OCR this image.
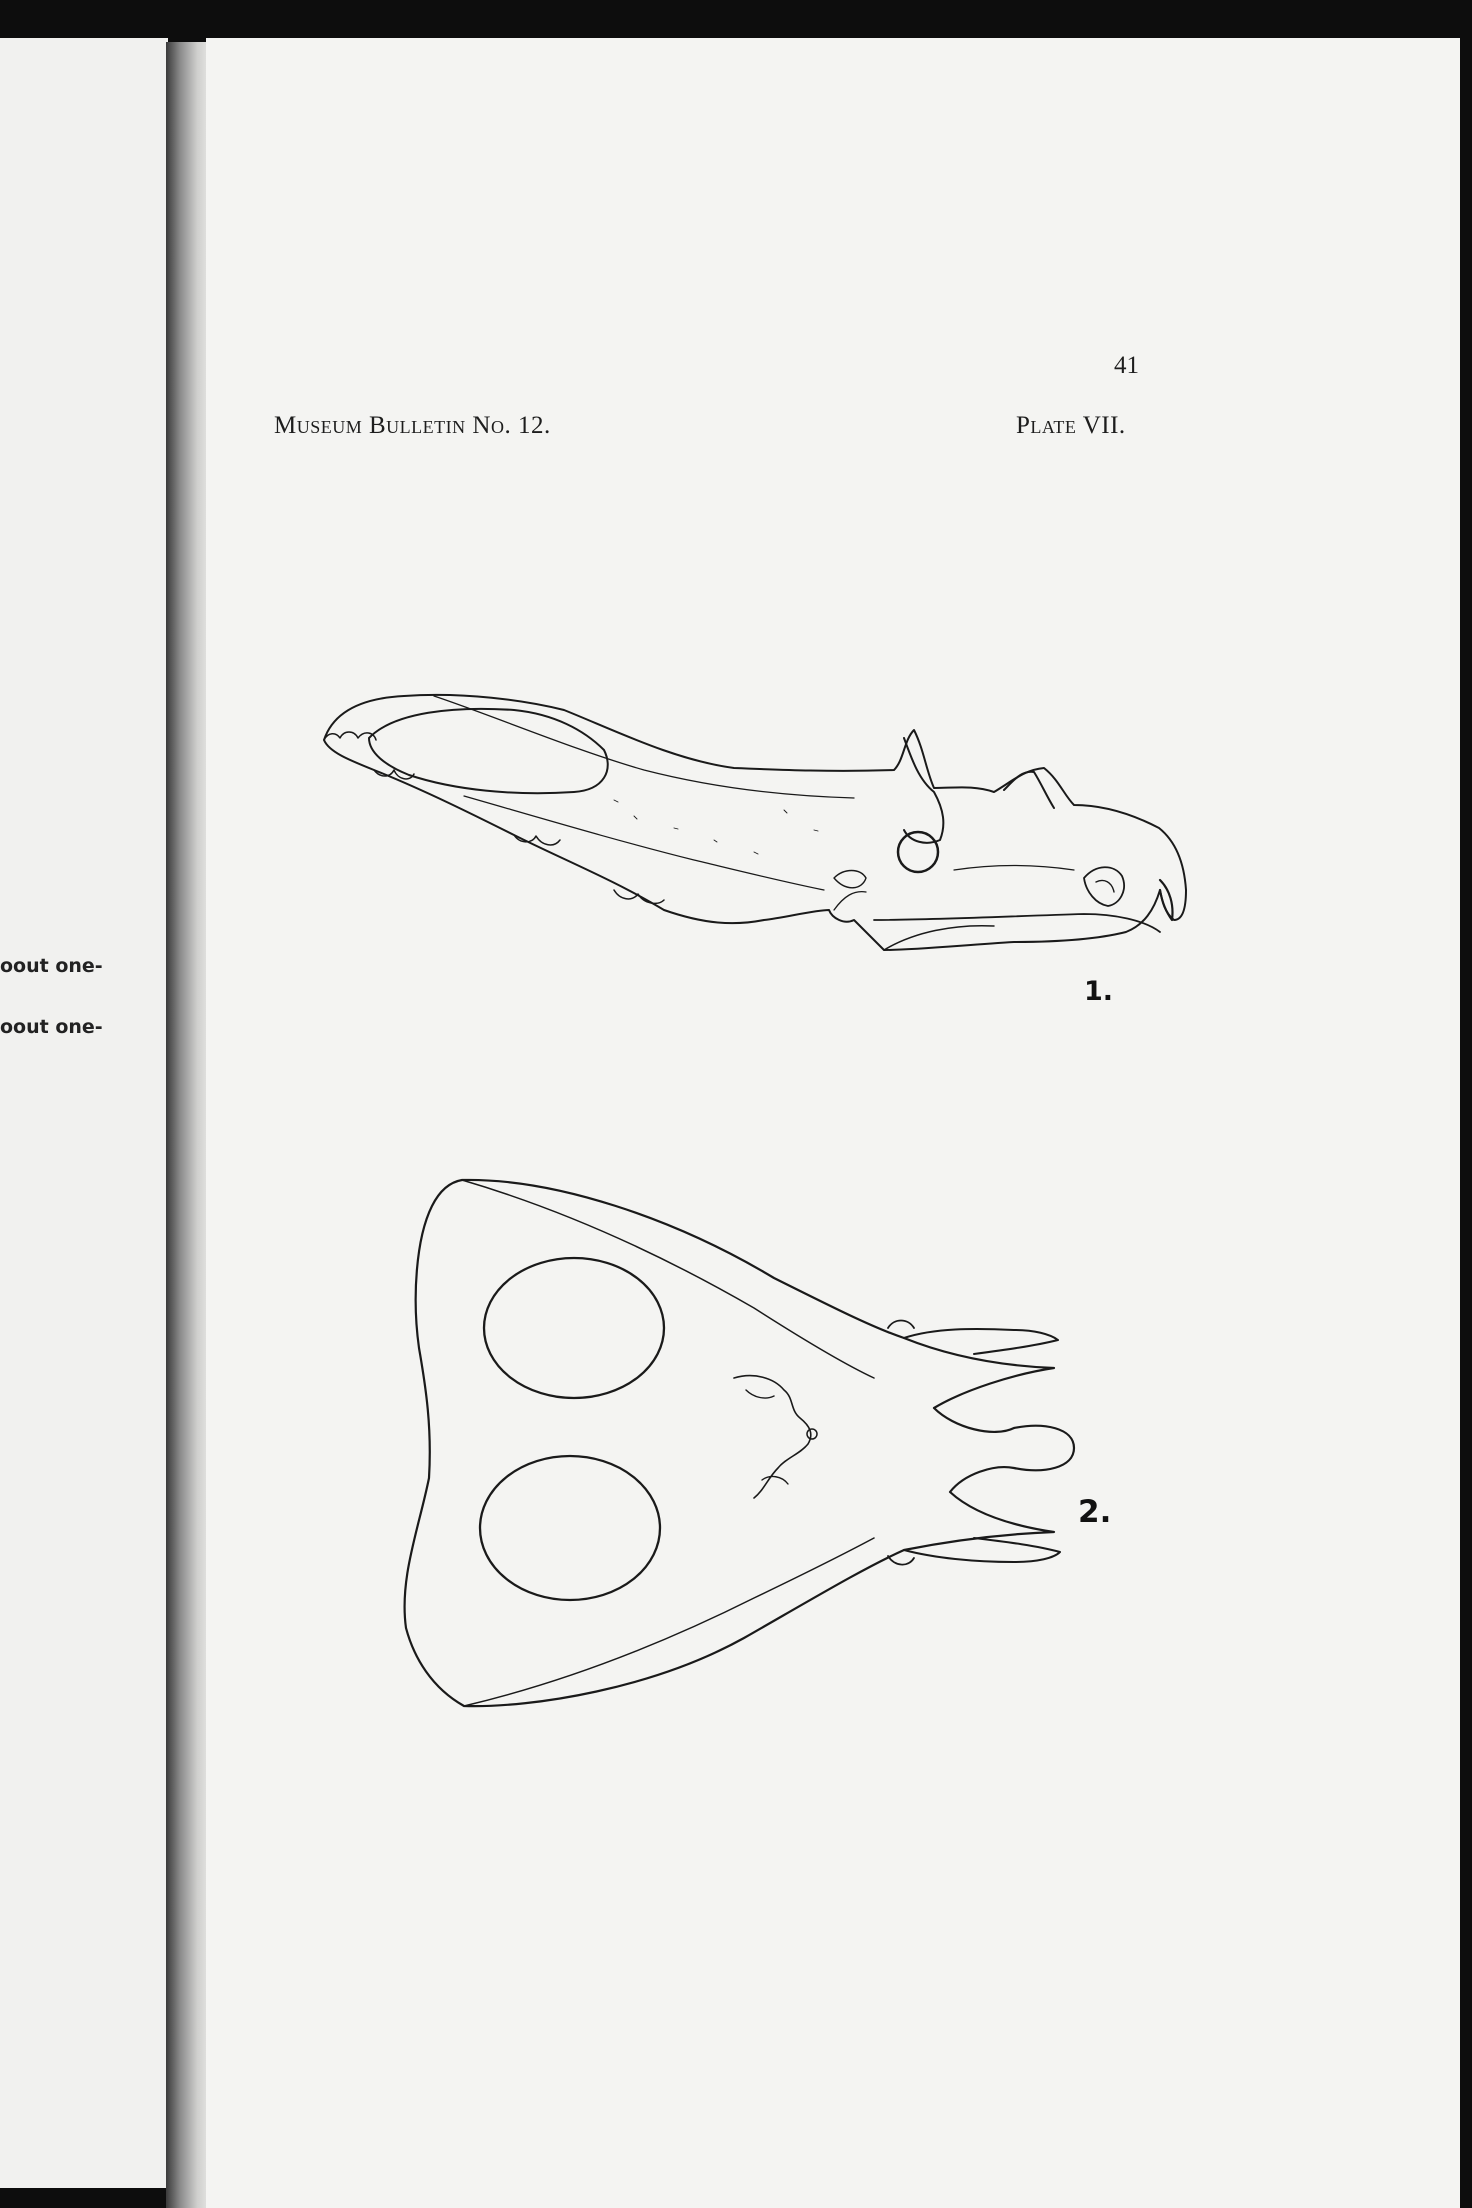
oout one-
oout one-
41
Museum Bulletin No. 12.	Plate VII.
1.
2.
